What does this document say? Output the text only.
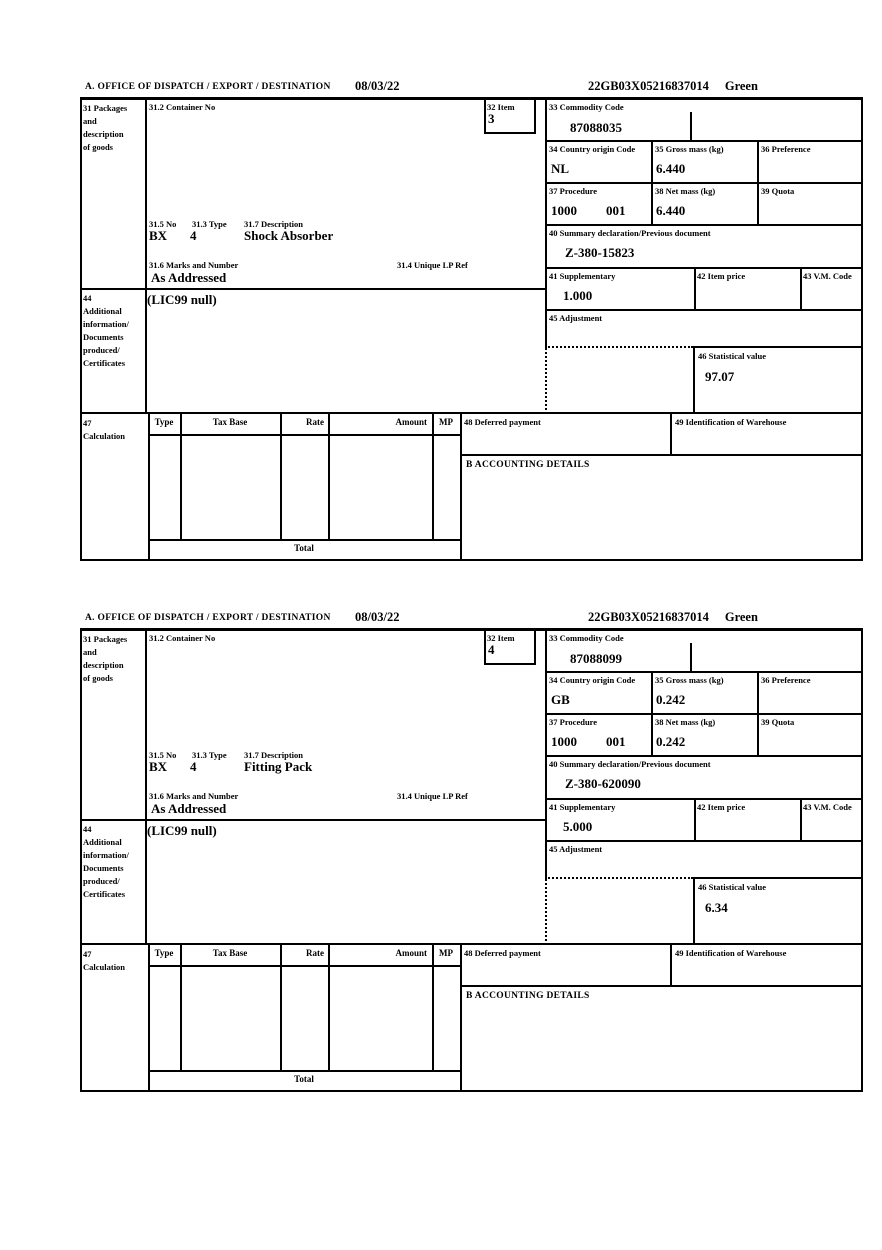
A. OFFICE OF DISPATCH / EXPORT / DESTINATION 08/03/22	22GB03X05216837014 Green
31 Packages
and
description
of goods
31.2 Container No	32 Item
3
33 Commodity Code
87088035
34 Country origin Code
NL
35 Gross mass (kg)
6.440
36 Preference
37 Procedure
1000 001
38 Net mass (kg)
6.440
39 Quota
40 Summary declaration/Previous document
Z-380-15823
41 Supplementary
1.000
42 Item price	43 V.M. Code
45 Adjustment
46 Statistical value
97.07
31.5 No 31.3 Type 31.7 Description
BX 4	Shock Absorber
31.6 Marks and Number	31.4 Unique LP Ref
As Addressed
44
Additional
information/
Documents
produced/
Certificates
(LIC99 null)
47
Calculation
Type	Tax Base	Rate	Amount	MP	48 Deferred payment	49 Identification of Warehouse
B ACCOUNTING DETAILS
Total
A. OFFICE OF DISPATCH / EXPORT / DESTINATION 08/03/22	22GB03X05216837014 Green
31 Packages
and
description
of goods
31.2 Container No	32 Item
4
33 Commodity Code
87088099
34 Country origin Code
GB
35 Gross mass (kg)
0.242
36 Preference
37 Procedure
1000 001
38 Net mass (kg)
0.242
39 Quota
40 Summary declaration/Previous document
Z-380-620090
41 Supplementary
5.000
42 Item price	43 V.M. Code
45 Adjustment
46 Statistical value
6.34
31.5 No 31.3 Type 31.7 Description
BX 4	Fitting Pack
31.6 Marks and Number	31.4 Unique LP Ref
As Addressed
44
Additional
information/
Documents
produced/
Certificates
(LIC99 null)
47
Calculation
Type	Tax Base	Rate	Amount	MP	48 Deferred payment	49 Identification of Warehouse
B ACCOUNTING DETAILS
Total
